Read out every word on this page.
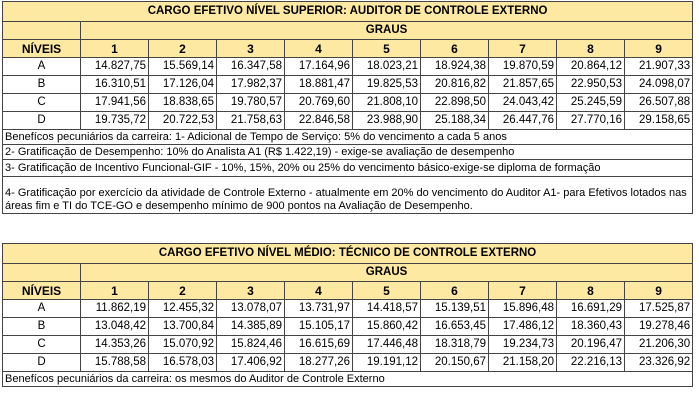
CARGO EFETIVO NÍVEL SUPERIOR: AUDITOR DE CONTROLE EXTERNO									
	GRAUS								
NÍVEIS	1	2	3	4	5	6	7	8	9
A	14.827,75	15.569,14	16.347,58	17.164,96	18.023,21	18.924,38	19.870,59	20.864,12	21.907,33
B	16.310,51	17.126,04	17.982,37	18.881,47	19.825,53	20.816,82	21.857,65	22.950,53	24.098,07
C	17.941,56	18.838,65	19.780,57	20.769,60	21.808,10	22.898,50	24.043,42	25.245,59	26.507,88
D	19.735,72	20.722,53	21.758,63	22.846,58	23.988,90	25.188,34	26.447,76	27.770,16	29.158,65
Benefícos pecuniários da carreira: 1- Adicional de Tempo de Serviço: 5% do vencimento a cada 5 anos									
2- Gratificação de Desempenho: 10% do Analista A1 (R$ 1.422,19) - exige-se avaliação de desempenho									
3- Gratificação de Incentivo Funcional-GIF - 10%, 15%, 20% ou 25% do vencimento básico-exige-se diploma de formação									
4- Gratificação por exercício da atividade de Controle Externo - atualmente em 20% do vencimento do Auditor A1- para Efetivos lotados nas áreas fim e TI do TCE-GO e desempenho mínimo de 900 pontos na Avaliação de Desempenho.									
CARGO EFETIVO NÍVEL MÉDIO: TÉCNICO DE CONTROLE EXTERNO									
	GRAUS								
NÍVEIS	1	2	3	4	5	6	7	8	9
A	11.862,19	12.455,32	13.078,07	13.731,97	14.418,57	15.139,51	15.896,48	16.691,29	17.525,87
B	13.048,42	13.700,84	14.385,89	15.105,17	15.860,42	16.653,45	17.486,12	18.360,43	19.278,46
C	14.353,26	15.070,92	15.824,46	16.615,69	17.446,48	18.318,79	19.234,73	20.196,47	21.206,30
D	15.788,58	16.578,03	17.406,92	18.277,26	19.191,12	20.150,67	21.158,20	22.216,13	23.326,92
Benefícos pecuniários da carreira: os mesmos do Auditor de Controle Externo									
